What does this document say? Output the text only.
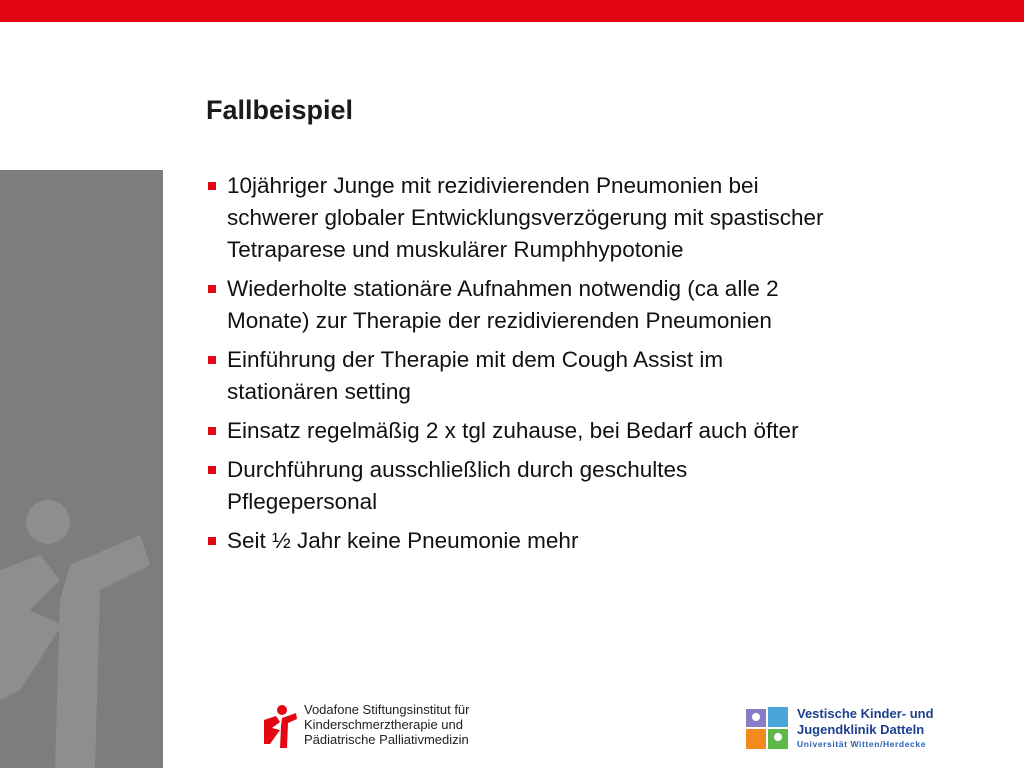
Fallbeispiel
10jähriger Junge mit rezidivierenden Pneumonien bei
schwerer globaler Entwicklungsverzögerung mit spastischer
Tetraparese und muskulärer Rumphhypotonie
Wiederholte stationäre Aufnahmen notwendig (ca alle 2
Monate) zur Therapie der rezidivierenden Pneumonien
Einführung der Therapie mit dem Cough Assist im
stationären setting
Einsatz regelmäßig 2 x tgl zuhause, bei Bedarf auch öfter
Durchführung ausschließlich durch geschultes
Pflegepersonal
Seit ½ Jahr keine Pneumonie mehr
Vodafone Stiftungsinstitut für
Kinderschmerztherapie und
Pädiatrische Palliativmedizin
Vestische Kinder- und
Jugendklinik Datteln
Universität Witten/Herdecke
